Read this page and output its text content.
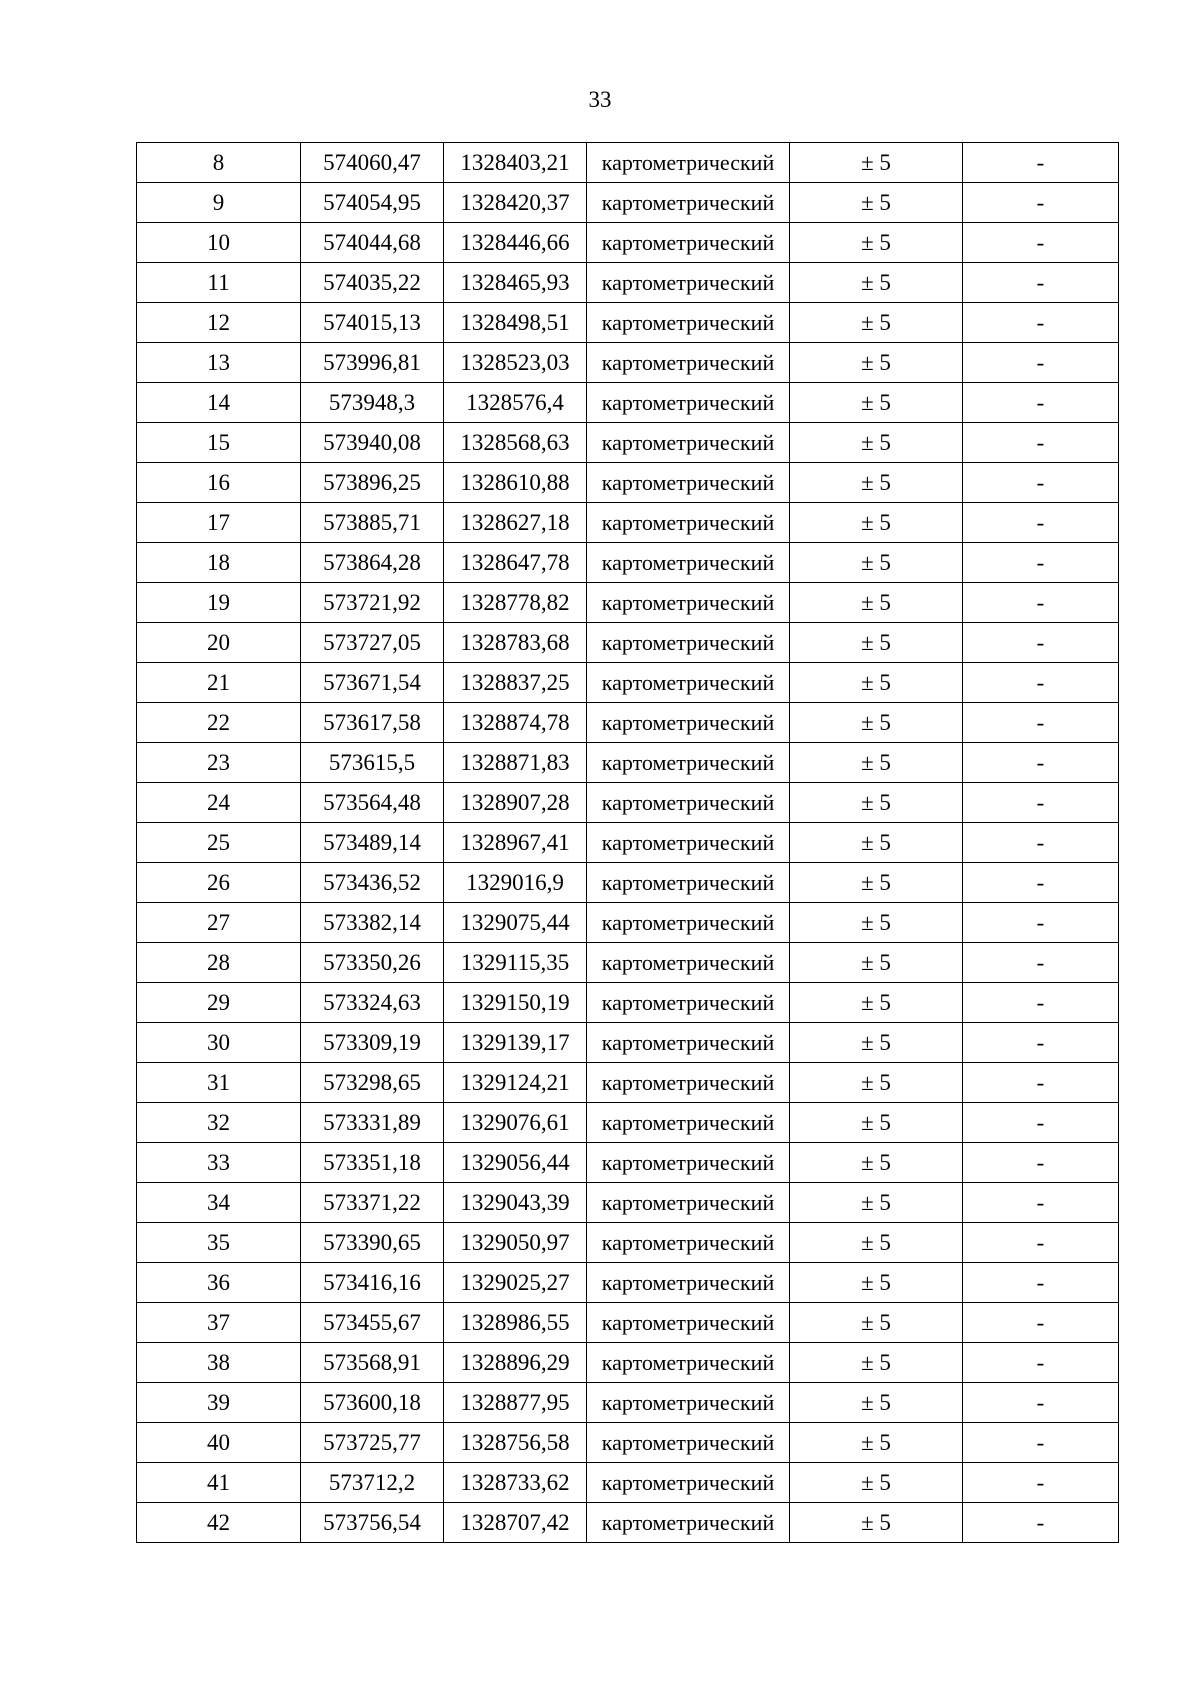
33
8	574060,47	1328403,21	картометрический	± 5	-
9	574054,95	1328420,37	картометрический	± 5	-
10	574044,68	1328446,66	картометрический	± 5	-
11	574035,22	1328465,93	картометрический	± 5	-
12	574015,13	1328498,51	картометрический	± 5	-
13	573996,81	1328523,03	картометрический	± 5	-
14	573948,3	1328576,4	картометрический	± 5	-
15	573940,08	1328568,63	картометрический	± 5	-
16	573896,25	1328610,88	картометрический	± 5	-
17	573885,71	1328627,18	картометрический	± 5	-
18	573864,28	1328647,78	картометрический	± 5	-
19	573721,92	1328778,82	картометрический	± 5	-
20	573727,05	1328783,68	картометрический	± 5	-
21	573671,54	1328837,25	картометрический	± 5	-
22	573617,58	1328874,78	картометрический	± 5	-
23	573615,5	1328871,83	картометрический	± 5	-
24	573564,48	1328907,28	картометрический	± 5	-
25	573489,14	1328967,41	картометрический	± 5	-
26	573436,52	1329016,9	картометрический	± 5	-
27	573382,14	1329075,44	картометрический	± 5	-
28	573350,26	1329115,35	картометрический	± 5	-
29	573324,63	1329150,19	картометрический	± 5	-
30	573309,19	1329139,17	картометрический	± 5	-
31	573298,65	1329124,21	картометрический	± 5	-
32	573331,89	1329076,61	картометрический	± 5	-
33	573351,18	1329056,44	картометрический	± 5	-
34	573371,22	1329043,39	картометрический	± 5	-
35	573390,65	1329050,97	картометрический	± 5	-
36	573416,16	1329025,27	картометрический	± 5	-
37	573455,67	1328986,55	картометрический	± 5	-
38	573568,91	1328896,29	картометрический	± 5	-
39	573600,18	1328877,95	картометрический	± 5	-
40	573725,77	1328756,58	картометрический	± 5	-
41	573712,2	1328733,62	картометрический	± 5	-
42	573756,54	1328707,42	картометрический	± 5	-
